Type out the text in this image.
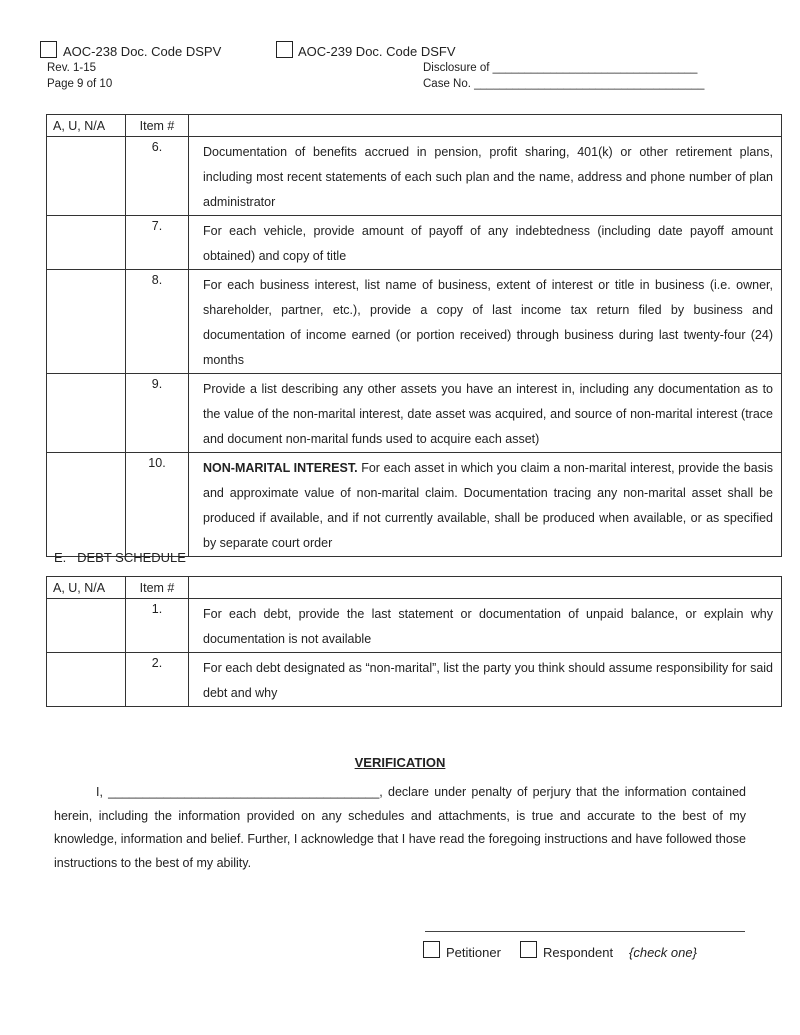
AOC-238 Doc. Code DSPV	AOC-239 Doc. Code DSFV
Rev. 1-15
Page 9 of 10
Disclosure of ________________________________
Case No. ____________________________________
A, U, N/A	Item #	

	6.	Documentation of benefits accrued in pension, profit sharing, 401(k) or other retirement plans, including most recent statements of each such plan and the name, address and phone number of plan administrator

	7.	For each vehicle, provide amount of payoff of any indebtedness (including date payoff amount obtained) and copy of title

	8.	For each business interest, list name of business, extent of interest or title in business (i.e. owner, shareholder, partner, etc.), provide a copy of last income tax return filed by business and documentation of income earned (or portion received) through business during last twenty-four (24) months

	9.	Provide a list describing any other assets you have an interest in, including any documentation as to the value of the non-marital interest, date asset was acquired, and source of non-marital interest (trace and document non-marital funds used to acquire each asset)

	10.	NON-MARITAL INTEREST. For each asset in which you claim a non-marital interest, provide the basis and approximate value of non-marital claim. Documentation tracing any non-marital asset shall be produced if available, and if not currently available, shall be produced when available, or as specified by separate court order
E.   DEBT SCHEDULE
A, U, N/A	Item #	

	1.	For each debt, provide the last statement or documentation of unpaid balance, or explain why documentation is not available

	2.	For each debt designated as “non-marital”, list the party you think should assume responsibility for said debt and why
VERIFICATION
I, _______________________________________, declare under penalty of perjury that the information contained herein, including the information provided on any schedules and attachments, is true and accurate to the best of my knowledge, information and belief. Further, I acknowledge that I have read the foregoing instructions and have followed those instructions to the best of my ability.
Petitioner	Respondent {check one}
